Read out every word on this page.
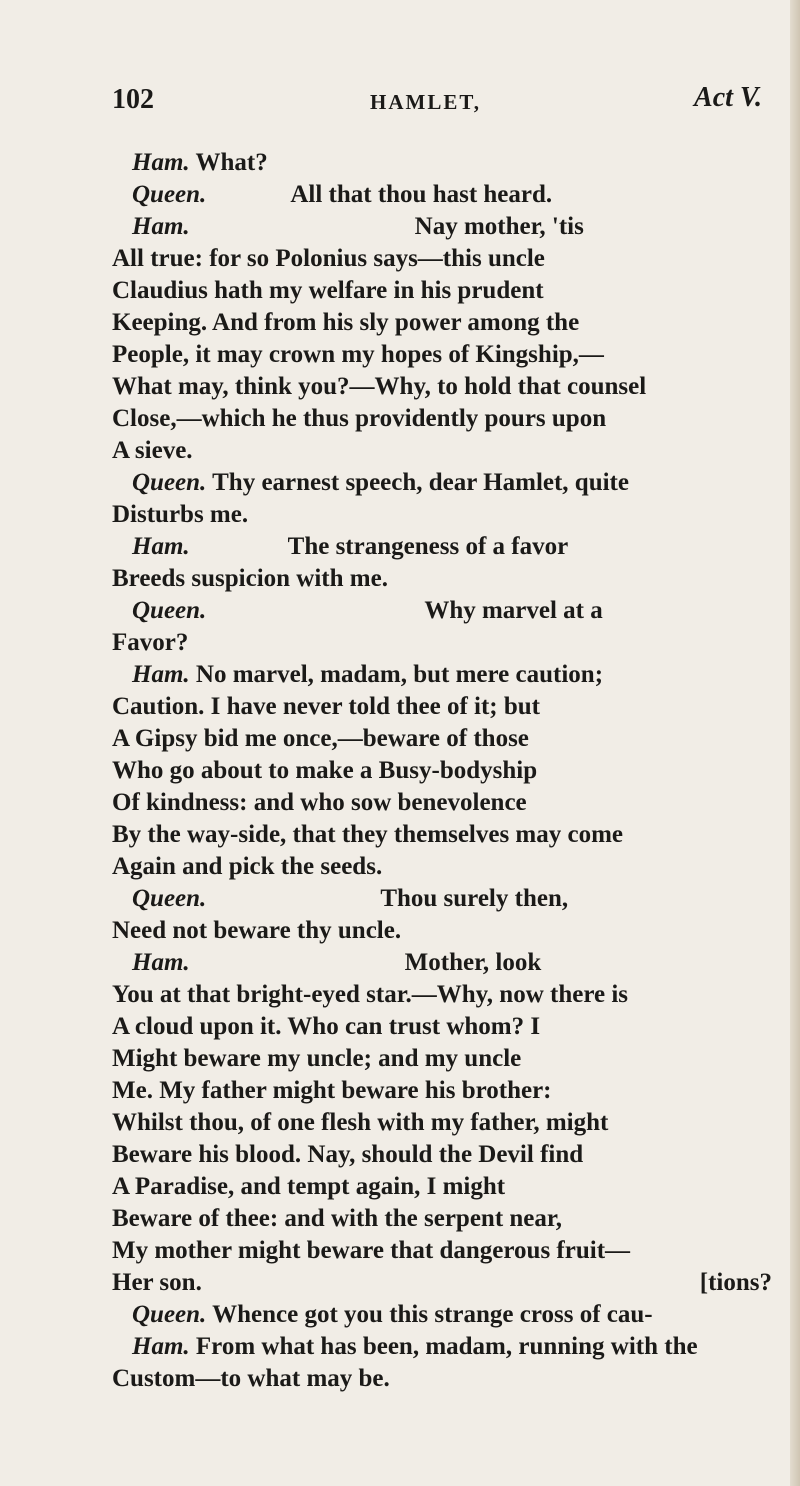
102	HAMLET,	Act V.
Ham. What?
Queen.	All that thou hast heard.
Ham.	Nay mother, 'tis
All true: for so Polonius says—this uncle
Claudius hath my welfare in his prudent
Keeping. And from his sly power among the
People, it may crown my hopes of Kingship,—
What may, think you?—Why, to hold that counsel
Close,—which he thus providently pours upon
A sieve.
Queen. Thy earnest speech, dear Hamlet, quite
Disturbs me.
Ham.	The strangeness of a favor
Breeds suspicion with me.
Queen.	Why marvel at a
Favor?
Ham. No marvel, madam, but mere caution;
Caution. I have never told thee of it; but
A Gipsy bid me once,—beware of those
Who go about to make a Busy-bodyship
Of kindness: and who sow benevolence
By the way-side, that they themselves may come
Again and pick the seeds.
Queen.	Thou surely then,
Need not beware thy uncle.
Ham.	Mother, look
You at that bright-eyed star.—Why, now there is
A cloud upon it. Who can trust whom? I
Might beware my uncle; and my uncle
Me. My father might beware his brother:
Whilst thou, of one flesh with my father, might
Beware his blood. Nay, should the Devil find
A Paradise, and tempt again, I might
Beware of thee: and with the serpent near,
My mother might beware that dangerous fruit—
Her son.	[tions?
Queen. Whence got you this strange cross of cau-
Ham. From what has been, madam, running with the
Custom—to what may be.
